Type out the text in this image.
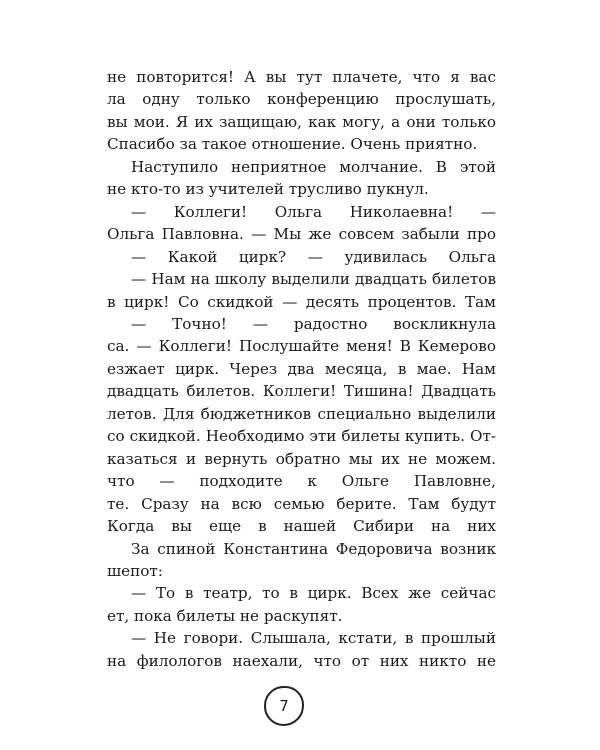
не повторится! А вы тут плачете, что я вас
ла одну только конференцию прослушать,
вы мои. Я их защищаю, как могу, а они только
Спасибо за такое отношение. Очень приятно.
Наступило неприятное молчание. В этой
не кто-то из учителей трусливо пукнул.
— Коллеги! Ольга Николаевна! —
Ольга Павловна. — Мы же совсем забыли про
— Какой цирк? — удивилась Ольга
— Нам на школу выделили двадцать билетов
в цирк! Со скидкой — десять процентов. Там
— Точно! — радостно воскликнула
са. — Коллеги! Послушайте меня! В Кемерово
езжает цирк. Через два месяца, в мае. Нам
двадцать билетов. Коллеги! Тишина! Двадцать
летов. Для бюджетников специально выделили
со скидкой. Необходимо эти билеты купить. От-
казаться и вернуть обратно мы их не можем.
что — подходите к Ольге Павловне,
те. Сразу на всю семью берите. Там будут
Когда вы еще в нашей Сибири на них
За спиной Константина Федоровича возник
шепот:
— То в театр, то в цирк. Всех же сейчас
ет, пока билеты не раскупят.
— Не говори. Слышала, кстати, в прошлый
на филологов наехали, что от них никто не
7
